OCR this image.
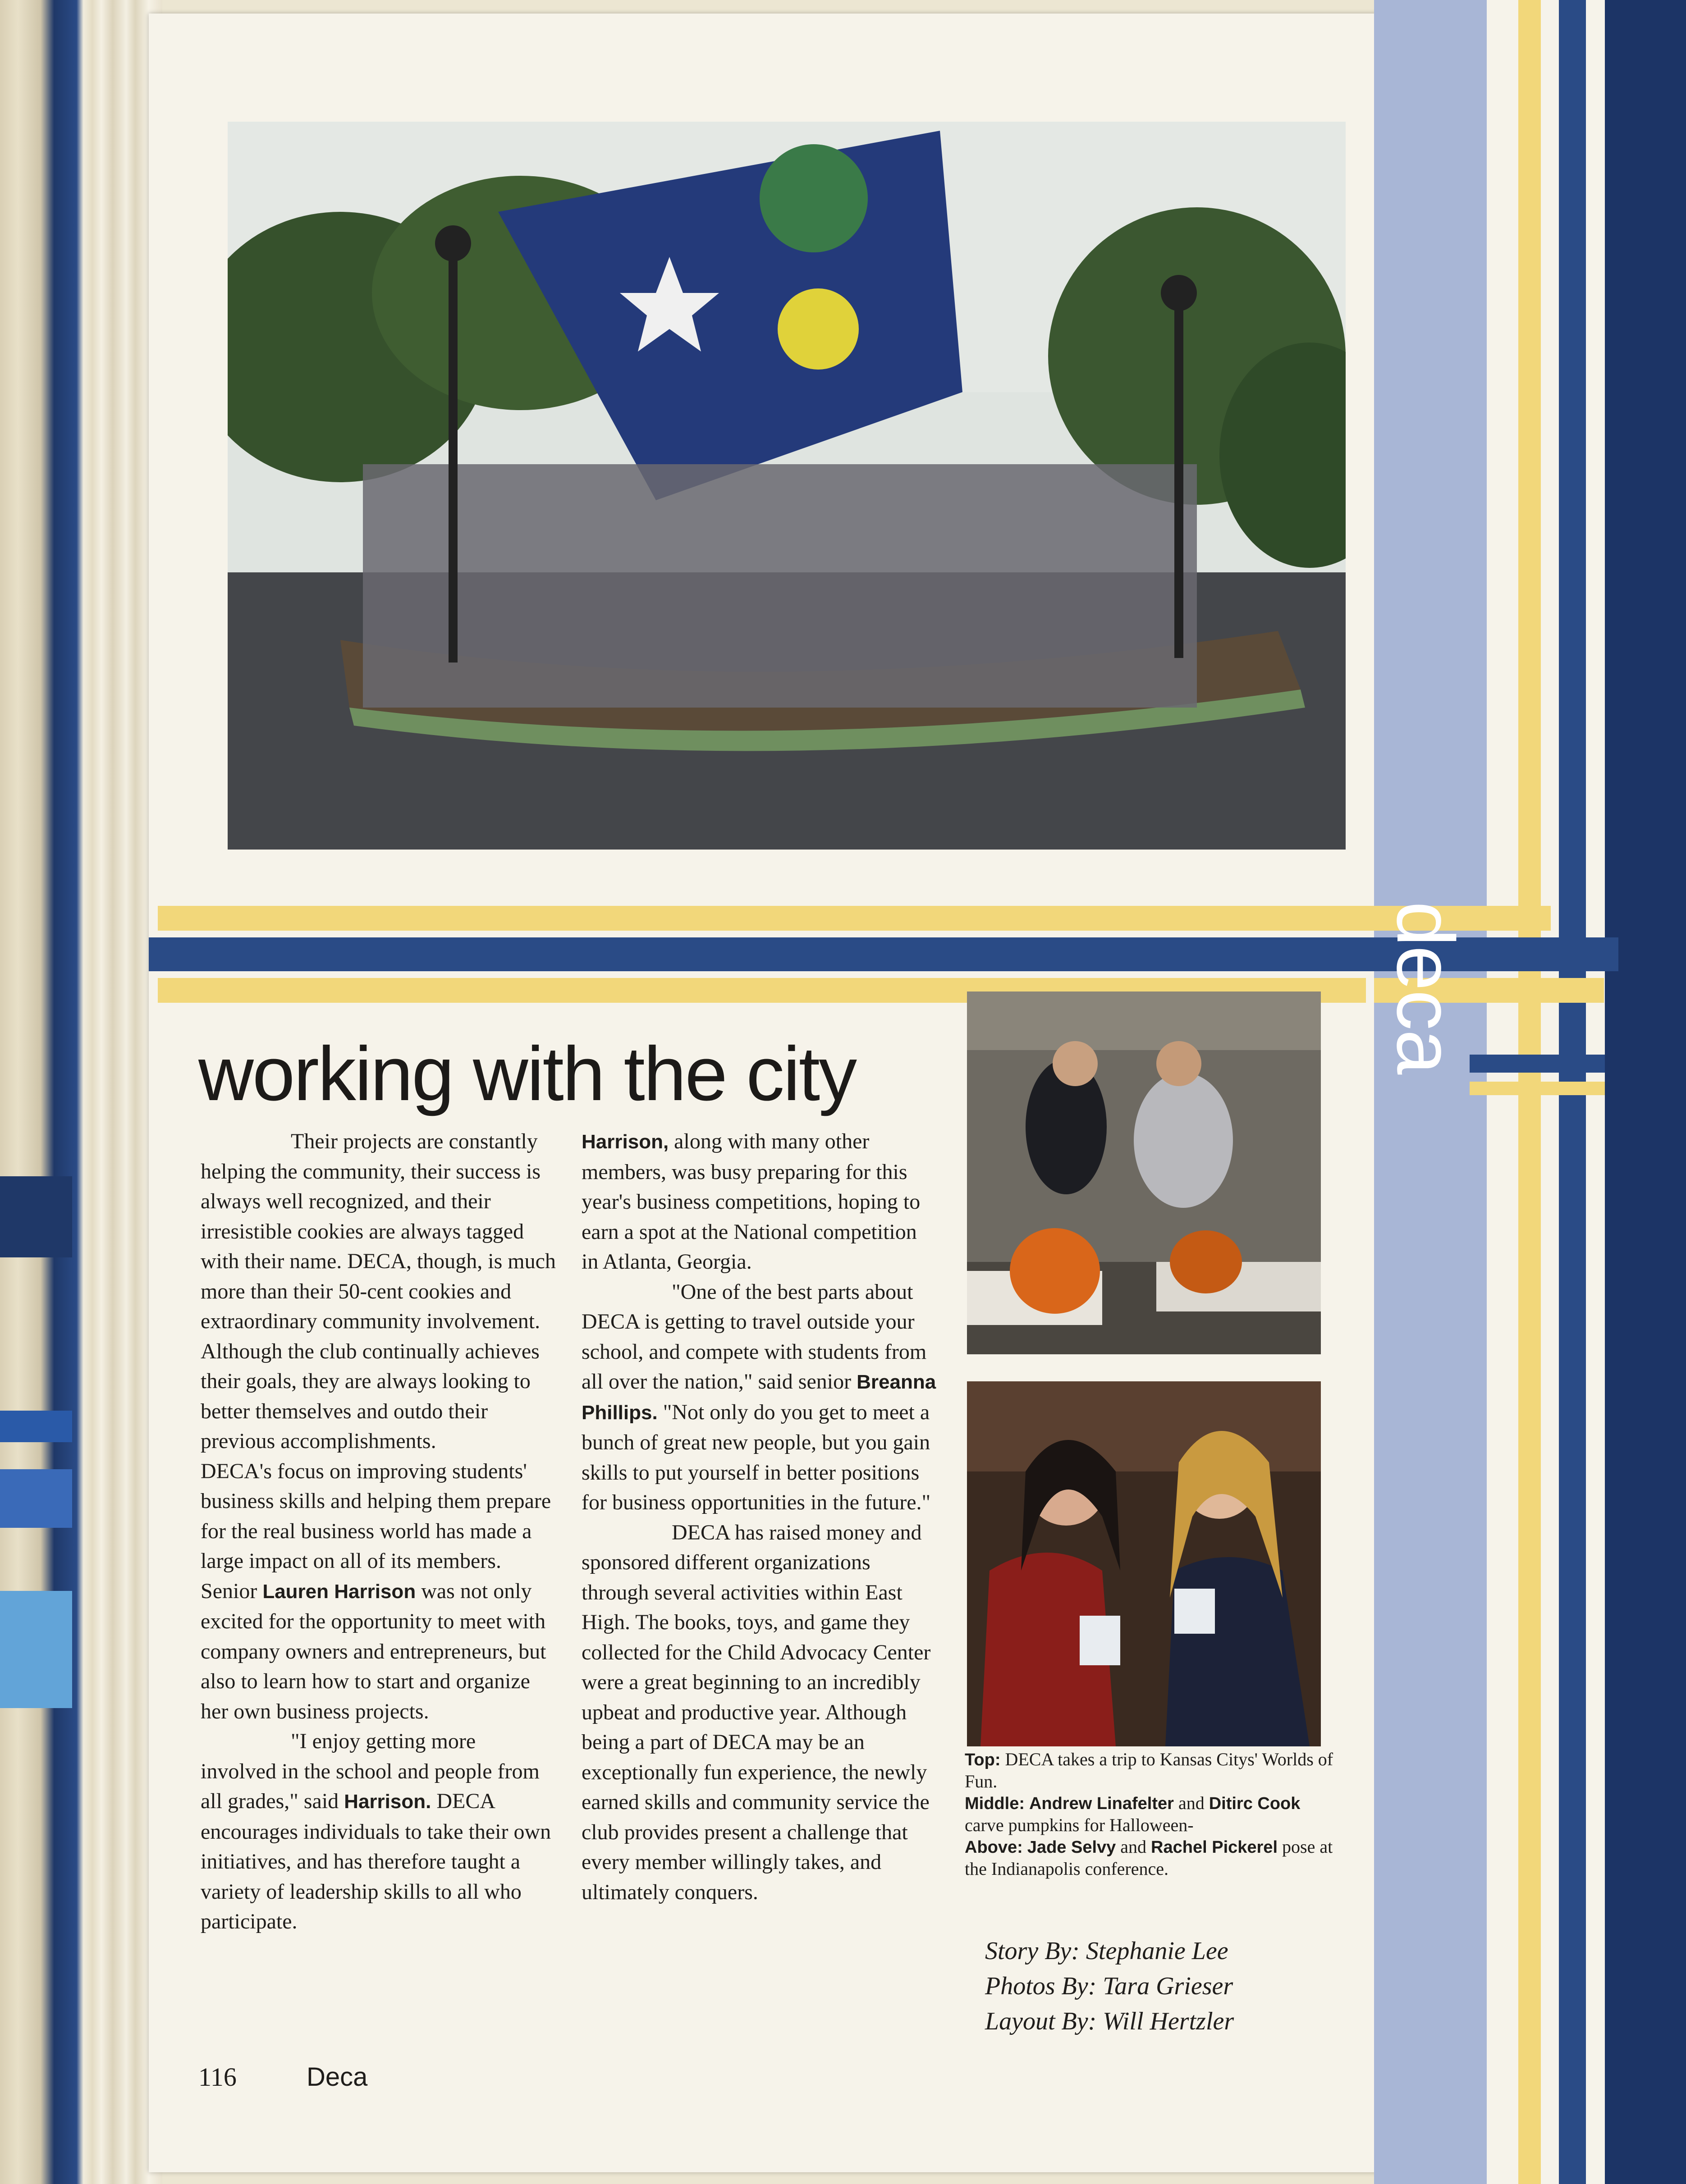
deca
working with the city

Their projects are constantly helping the community, their success is always well recognized, and their irresistible cookies are always tagged with their name. DECA, though, is much more than their 50-cent cookies and extraordinary community involvement. Although the club continually achieves their goals, they are always looking to better themselves and outdo their previous accomplishments.

DECA's focus on improving students' business skills and helping them prepare for the real business world has made a large impact on all of its members. Senior Lauren Harrison was not only excited for the opportunity to meet with company owners and entrepreneurs, but also to learn how to start and organize her own business projects.

"I enjoy getting more involved in the school and people from all grades," said Harrison. DECA encourages individuals to take their own initiatives, and has therefore taught a variety of leadership skills to all who participate.

Harrison, along with many other members, was busy preparing for this year's business competitions, hoping to earn a spot at the National competition in Atlanta, Georgia.

"One of the best parts about DECA is getting to travel outside your school, and compete with students from all over the nation," said senior Breanna Phillips. "Not only do you get to meet a bunch of great new people, but you gain skills to put yourself in better positions for business opportunities in the future."

DECA has raised money and sponsored different organizations through several activities within East High. The books, toys, and game they collected for the Child Advocacy Center were a great beginning to an incredibly upbeat and productive year. Although being a part of DECA may be an exceptionally fun experience, the newly earned skills and community service the club provides present a challenge that every member willingly takes, and ultimately conquers.

Top: DECA takes a trip to Kansas Citys' Worlds of Fun.
Middle: Andrew Linafelter and Ditirc Cook carve pumpkins for Halloween-
Above: Jade Selvy and Rachel Pickerel pose at the Indianapolis conference.
Story By: Stephanie Lee
Photos By: Tara Grieser
Layout By: Will Hertzler
116	Deca
